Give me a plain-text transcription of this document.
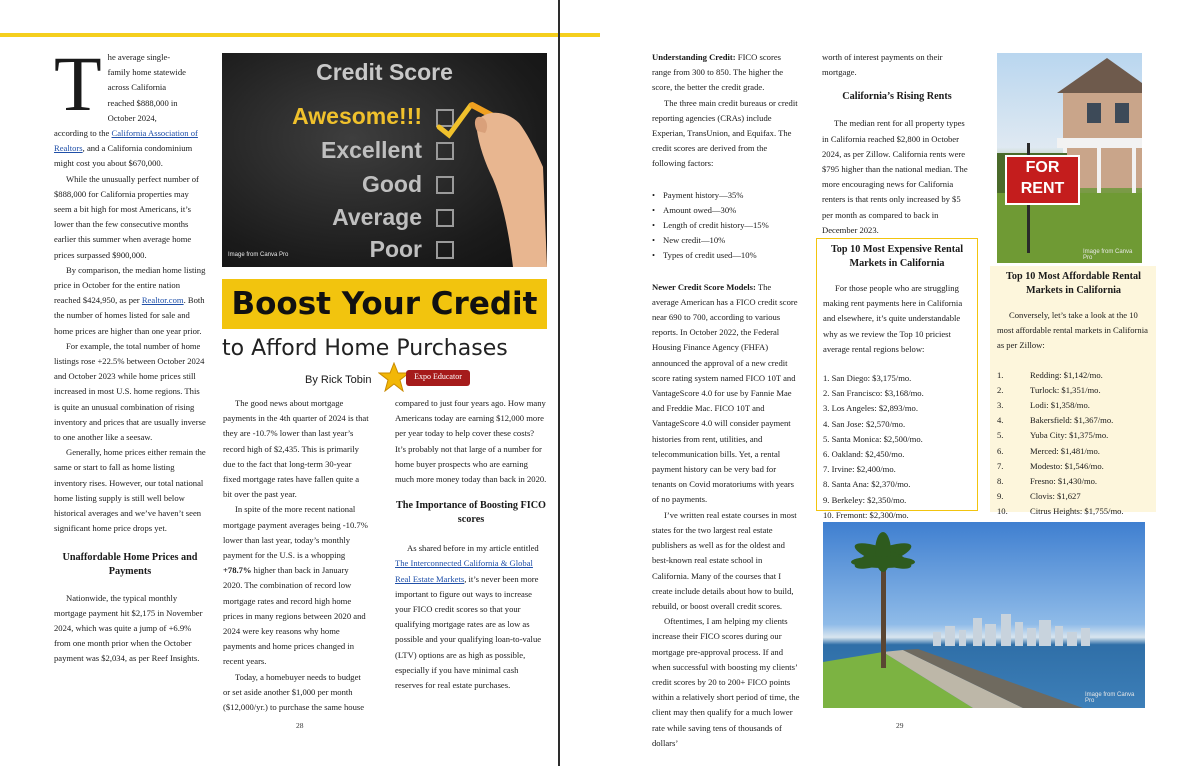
T he average single-
family home statewide
across California
reached $888,000 in
October 2024,

according to the California Association of Realtors, and a California condominium might cost you about $670,000.

While the unusually perfect number of $888,000 for California properties may seem a bit high for most Americans, it’s lower than the few consecutive months earlier this summer when average home prices surpassed $900,000.

By comparison, the median home listing price in October for the entire nation reached $424,950, as per Realtor.com. Both the number of homes listed for sale and home prices are higher than one year prior.

For example, the total number of home listings rose +22.5% between October 2024 and October 2023 while home prices still increased in most U.S. home regions. This is quite an unusual combination of rising inventory and prices that are usually inverse to one another like a seesaw.

Generally, home prices either remain the same or start to fall as home listing inventory rises. However, our total national home listing supply is still well below historical averages and we’ve haven’t seen significant home price drops yet.

Unaffordable Home Prices and Payments

Nationwide, the typical monthly mortgage payment hit $2,175 in November 2024, which was quite a jump of +6.9% from one month prior when the October payment was $2,034, as per Reef Insights.

Credit Score
Awesome!!!
Excellent
Good
Average
Poor
Image from Canva Pro
Boost Your Credit
to Afford Home Purchases
By Rick Tobin	Expo Educator

The good news about mortgage payments in the 4th quarter of 2024 is that they are -10.7% lower than last year’s record high of $2,435. This is primarily due to the fact that long-term 30-year fixed mortgage rates have fallen quite a bit over the past year.

In spite of the more recent national mortgage payment averages being -10.7% lower than last year, today’s monthly payment for the U.S. is a whopping +78.7% higher than back in January 2020. The combination of record low mortgage rates and record high home prices in many regions between 2020 and 2024 were key reasons why home payments and home prices changed in recent years.

Today, a homebuyer needs to budget or set aside another $1,000 per month ($12,000/yr.) to purchase the same house

compared to just four years ago. How many Americans today are earning $12,000 more per year today to help cover these costs? It’s probably not that large of a number for home buyer prospects who are earning much more money today than back in 2020.

The Importance of Boosting FICO scores

As shared before in my article entitled The Interconnected California & Global Real Estate Markets, it’s never been more important to figure out ways to increase your FICO credit scores so that your qualifying mortgage rates are as low as possible and your qualifying loan-to-value (LTV) options are as high as possible, especially if you have minimal cash reserves for real estate purchases.

28

Understanding Credit: FICO scores range from 300 to 850. The higher the score, the better the credit grade.

The three main credit bureaus or credit reporting agencies (CRAs) include Experian, TransUnion, and Equifax. The credit scores are derived from the following factors:

• Payment history—35%
• Amount owed—30%
• Length of credit history—15%
• New credit—10%
• Types of credit used—10%

Newer Credit Score Models: The average American has a FICO credit score near 690 to 700, according to various reports. In October 2022, the Federal Housing Finance Agency (FHFA) announced the approval of a new credit score rating system named FICO 10T and VantageScore 4.0 for use by Fannie Mae and Freddie Mac. FICO 10T and VantageScore 4.0 will consider payment histories from rent, utilities, and telecommunication bills. Yet, a rental payment history can be very bad for tenants on Covid moratoriums with years of no payments.

I’ve written real estate courses in most states for the two largest real estate publishers as well as for the oldest and best-known real estate school in California. Many of the courses that I create include details about how to build, rebuild, or boost overall credit scores.

Oftentimes, I am helping my clients increase their FICO scores during our mortgage pre-approval process. If and when successful with boosting my clients’ credit scores by 20 to 200+ FICO points within a relatively short period of time, the client may then qualify for a much lower rate while saving tens of thousands of dollars’

worth of interest payments on their mortgage.

California’s Rising Rents

The median rent for all property types in California reached $2,800 in October 2024, as per Zillow. California rents were $795 higher than the national median. The more encouraging news for California renters is that rents only increased by $5 per month as compared to back in December 2023.

Top 10 Most Expensive Rental Markets in California

For those people who are struggling making rent payments here in California and elsewhere, it’s quite understandable why as we review the Top 10 priciest average rental regions below:

1. San Diego: $3,175/mo.
2. San Francisco: $3,168/mo.
3. Los Angeles: $2,893/mo.
4. San Jose: $2,570/mo.
5. Santa Monica: $2,500/mo.
6. Oakland: $2,450/mo.
7. Irvine: $2,400/mo.
8. Santa Ana: $2,370/mo.
9. Berkeley: $2,350/mo.
10. Fremont: $2,300/mo.
FOR
RENT
Image from Canva Pro
Top 10 Most Affordable Rental Markets in California

Conversely, let’s take a look at the 10 most affordable rental markets in California as per Zillow:

1.	Redding: $1,142/mo.
2.	Turlock: $1,351/mo.
3.	Lodi: $1,358/mo.
4.	Bakersfield: $1,367/mo.
5.	Yuba City: $1,375/mo.
6.	Merced: $1,481/mo.
7.	Modesto: $1,546/mo.
8.	Fresno: $1,430/mo.
9.	Clovis: $1,627
10.	Citrus Heights: $1,755/mo.
Image from Canva Pro
29
